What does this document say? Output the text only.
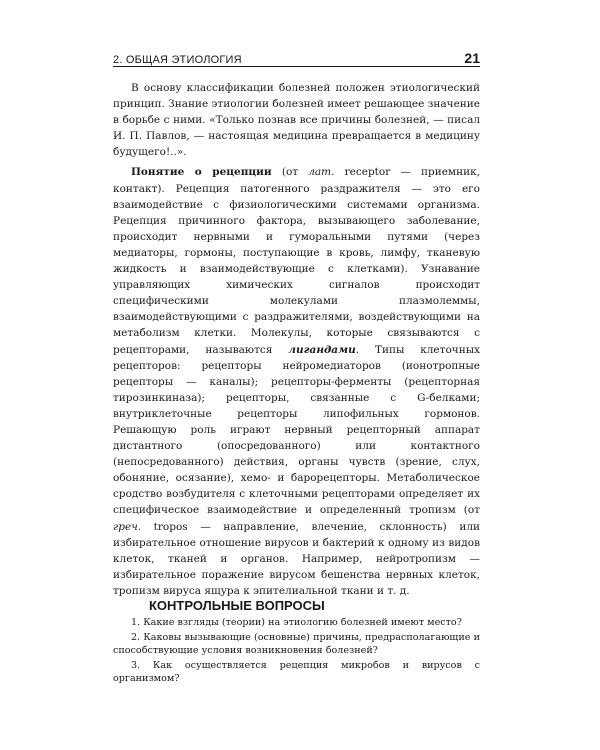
2. ОБЩАЯ ЭТИОЛОГИЯ	21

В основу классификации болезней положен этиологический принцип. Знание этиологии болезней имеет решающее значение в борьбе с ними. «Только познав все причины болезней, — писал И. П. Павлов, — настоящая медицина превращается в медицину будущего!..».

Понятие о рецепции (от лат. receptor — приемник, контакт). Рецепция патогенного раздражителя — это его взаимодействие с физиологическими системами организма. Рецепция причинного фактора, вызывающего заболевание, происходит нервными и гуморальными путями (через медиаторы, гормоны, поступающие в кровь, лимфу, тканевую жидкость и взаимодействующие с клетками). Узнавание управляющих химических сигналов происходит специфическими молекулами плазмолеммы, взаимодействующими с раздражителями, воздействующими на метаболизм клетки. Молекулы, которые связываются с рецепторами, называются лигандами. Типы клеточных рецепторов: рецепторы нейромедиаторов (ионотропные рецепторы — каналы); рецепторы-ферменты (рецепторная тирозинкиназа); рецепторы, связанные с G-белками; внутриклеточные рецепторы липофильных гормонов. Решающую роль играют нервный рецепторный аппарат дистантного (опосредованного) или контактного (непосредованного) действия, органы чувств (зрение, слух, обоняние, осязание), хемо- и барорецепторы. Метаболическое сродство возбудителя с клеточными рецепторами определяет их специфическое взаимодействие и определенный тропизм (от греч. tropos — направление, влечение, склонность) или избирательное отношение вирусов и бактерий к одному из видов клеток, тканей и органов. Например, нейротропизм — избирательное поражение вирусом бешенства нервных клеток, тропизм вируса ящура к эпителиальной ткани и т. д.

КОНТРОЛЬНЫЕ ВОПРОСЫ

1. Какие взгляды (теории) на этиологию болезней имеют место?

2. Каковы вызывающие (основные) причины, предрасполагающие и способствующие условия возникновения болезней?

3. Как осуществляется рецепция микробов и вирусов с организмом?
